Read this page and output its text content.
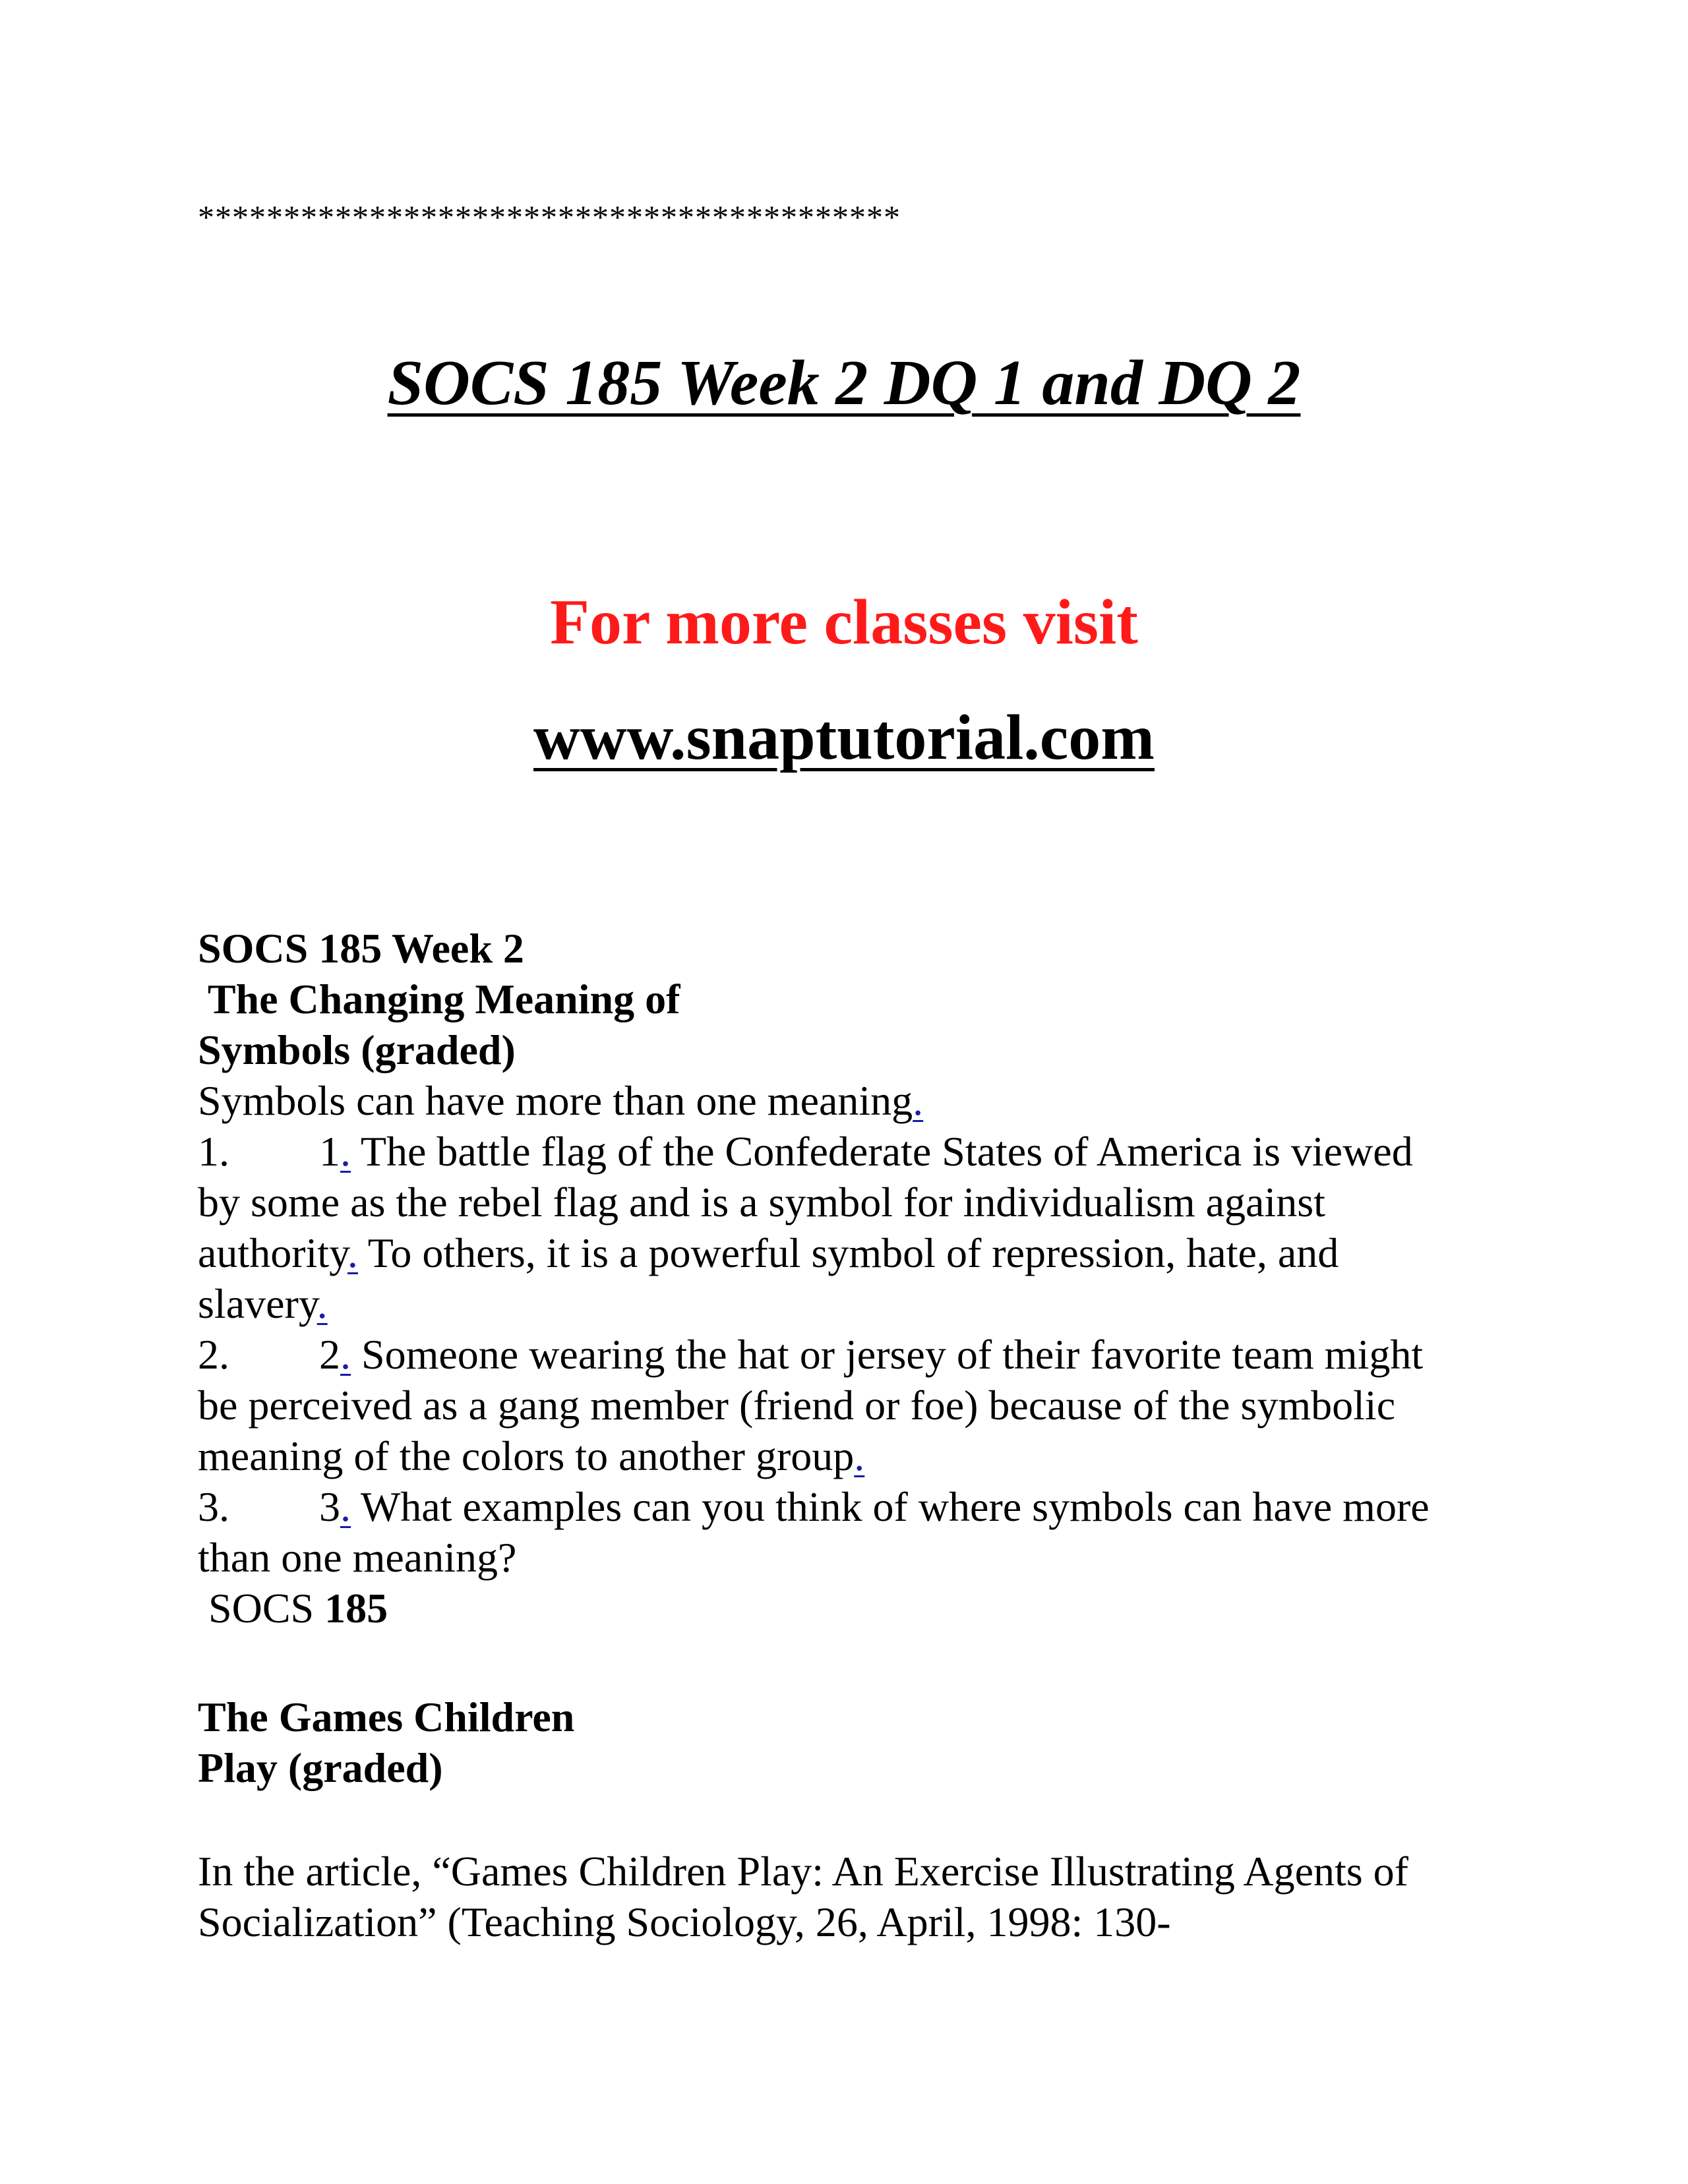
*****************************************
SOCS 185 Week 2 DQ 1 and DQ 2
For more classes visit
www.snaptutorial.com
SOCS 185 Week 2
The Changing Meaning of
Symbols (graded)
Symbols can have more than one meaning.
1. 1. The battle flag of the Confederate States of America is viewed
by some as the rebel flag and is a symbol for individualism against
authority. To others, it is a powerful symbol of repression, hate, and
slavery.
2. 2. Someone wearing the hat or jersey of their favorite team might
be perceived as a gang member (friend or foe) because of the symbolic
meaning of the colors to another group.
3. 3. What examples can you think of where symbols can have more
than one meaning?
SOCS 185
The Games Children
Play (graded)
In the article, “Games Children Play: An Exercise Illustrating Agents of
Socialization” (Teaching Sociology, 26, April, 1998: 130-
